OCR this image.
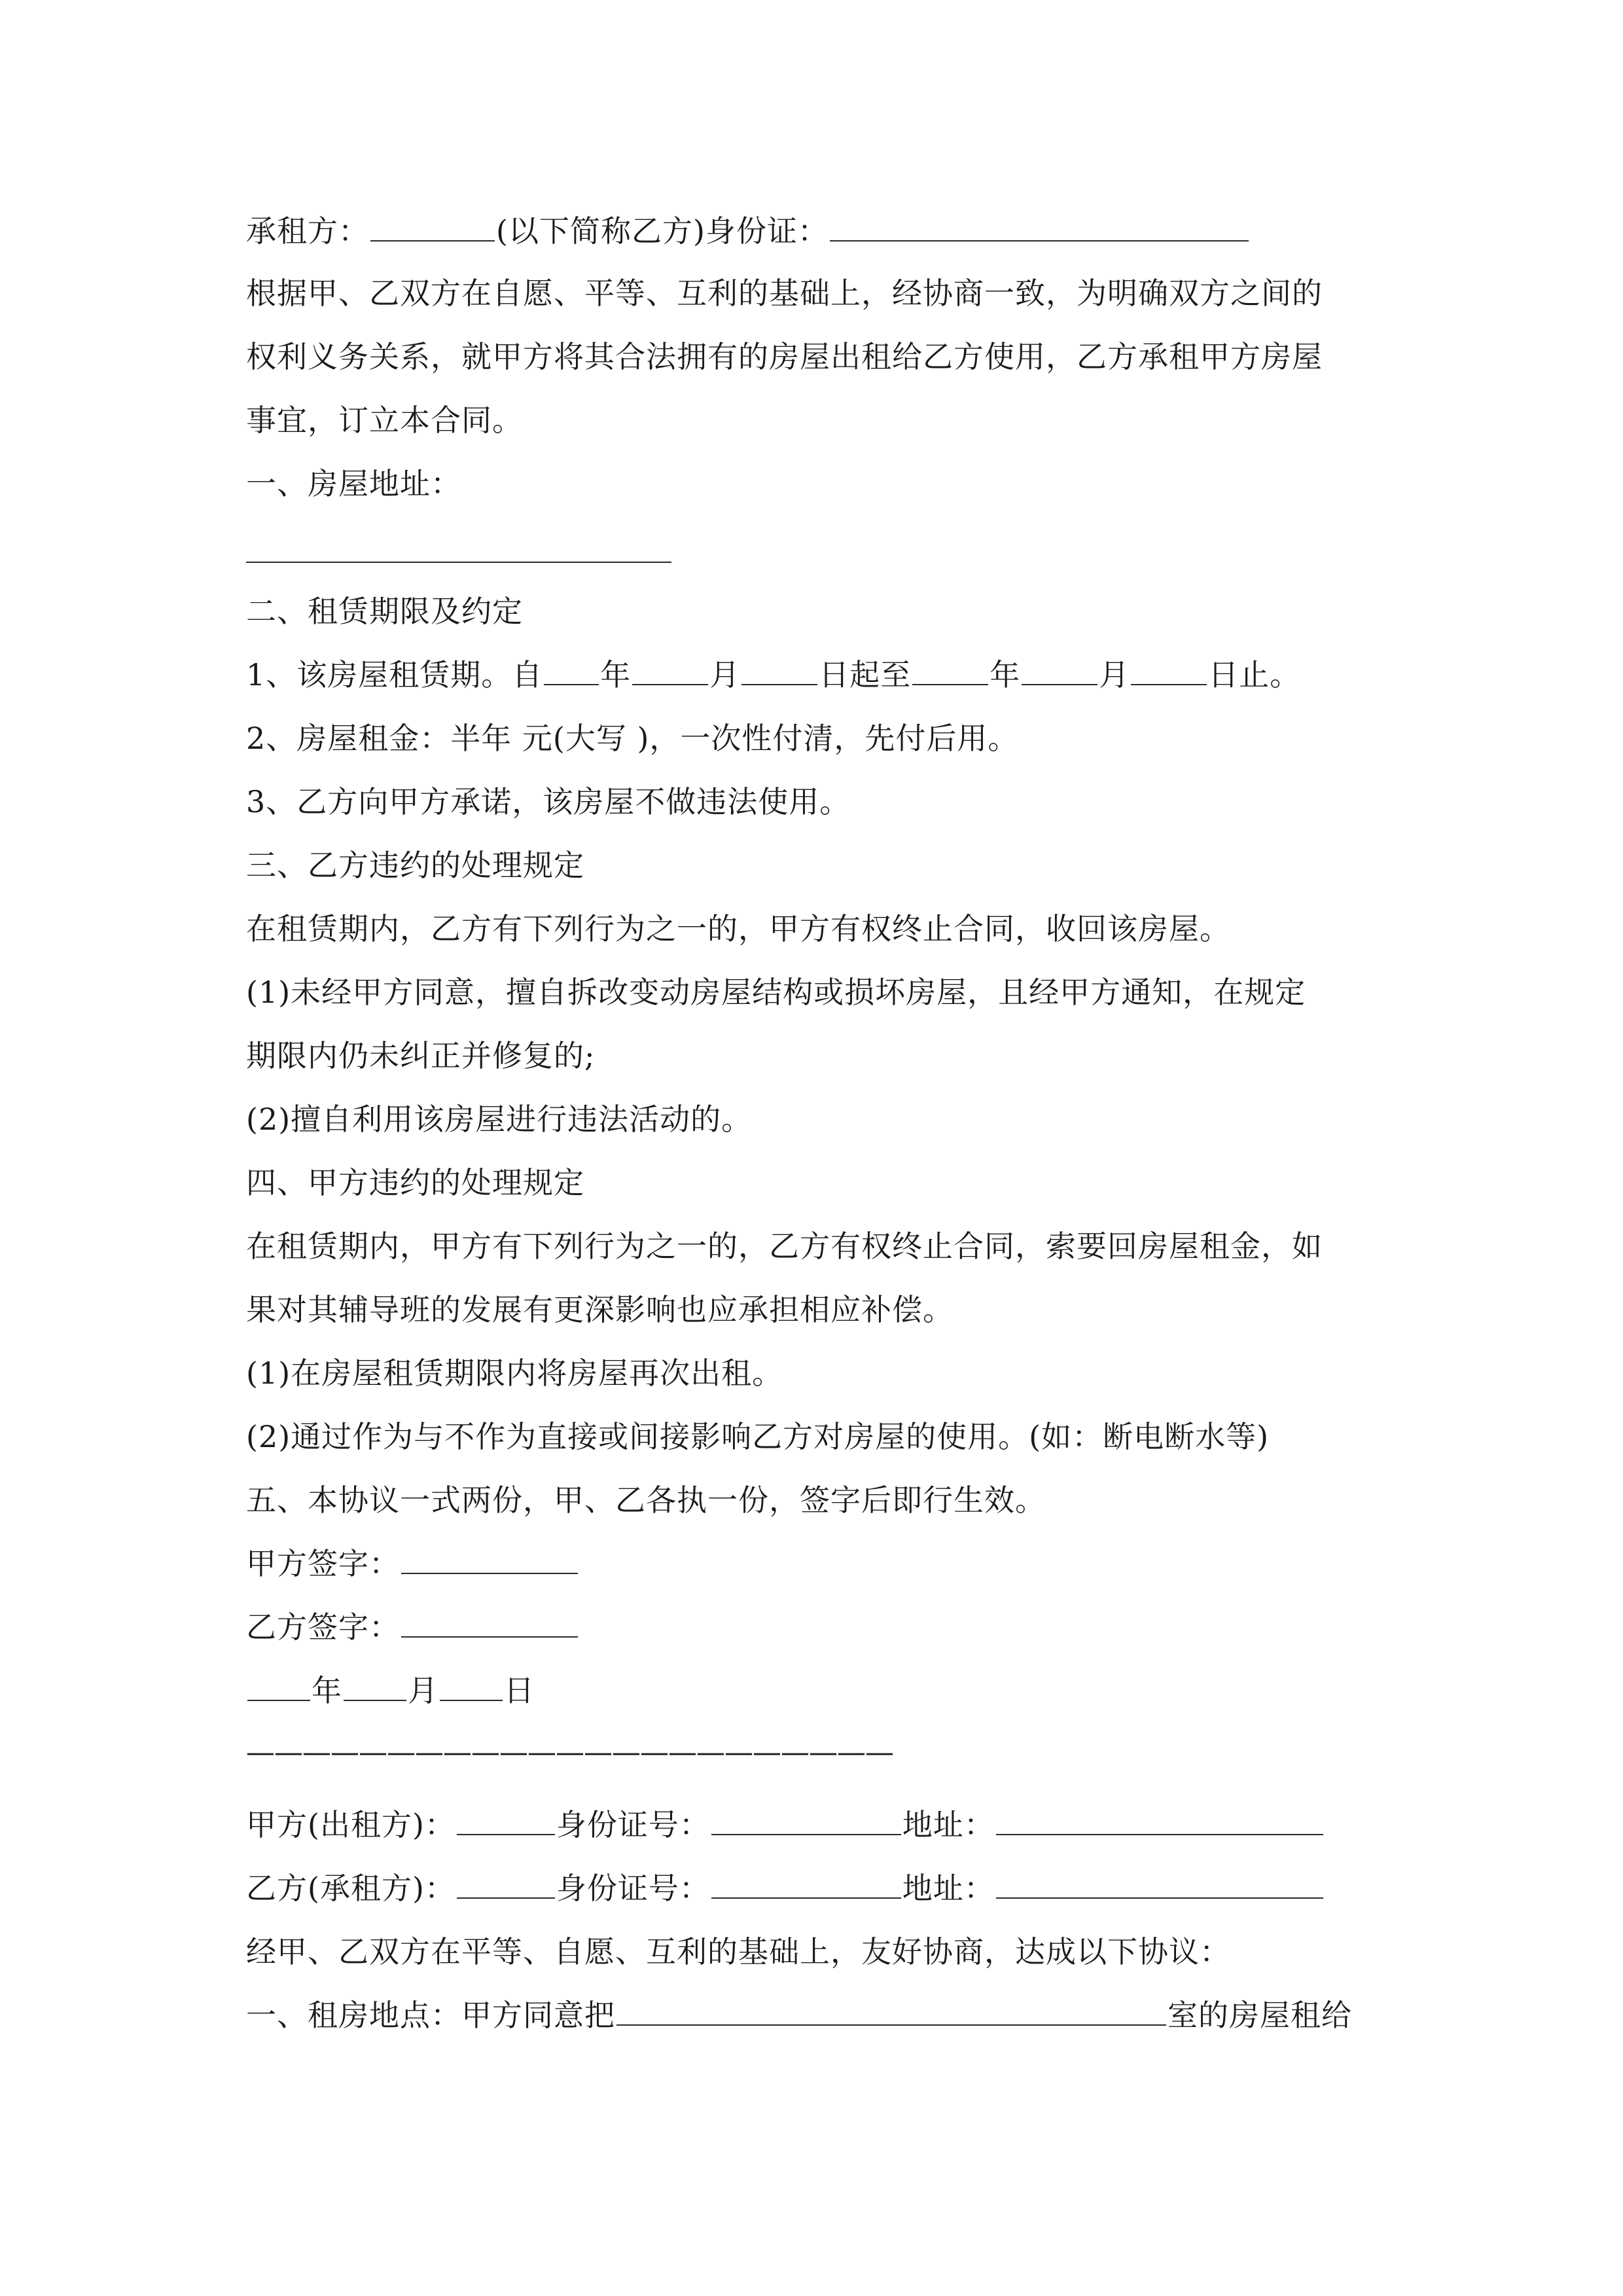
承租方：	(以下简称乙方)身份证：
根据甲、乙双方在自愿、平等、互利的基础上，经协商一致，为明确双方之间的
权利义务关系，就甲方将其合法拥有的房屋出租给乙方使用，乙方承租甲方房屋
事宜，订立本合同。
一、房屋地址：
二、租赁期限及约定
1、该房屋租赁期。自 年	月	日起至	年	月	日止。
2、房屋租金：半年 元(大写 )，一次性付清，先付后用。
3、乙方向甲方承诺，该房屋不做违法使用。
三、乙方违约的处理规定
在租赁期内，乙方有下列行为之一的，甲方有权终止合同，收回该房屋。
(1)未经甲方同意，擅自拆改变动房屋结构或损坏房屋，且经甲方通知，在规定
期限内仍未纠正并修复的;
(2)擅自利用该房屋进行违法活动的。
四、甲方违约的处理规定
在租赁期内，甲方有下列行为之一的，乙方有权终止合同，索要回房屋租金，如
果对其辅导班的发展有更深影响也应承担相应补偿。
(1)在房屋租赁期限内将房屋再次出租。
(2)通过作为与不作为直接或间接影响乙方对房屋的使用。(如：断电断水等)
五、本协议一式两份，甲、乙各执一份，签字后即行生效。
甲方签字：
乙方签字：
年 月 日
———————————————————————
甲方(出租方)：	身份证号：	地址：
乙方(承租方)：	身份证号：	地址：
经甲、乙双方在平等、自愿、互利的基础上，友好协商，达成以下协议：
一、租房地点：甲方同意把	室的房屋租给
